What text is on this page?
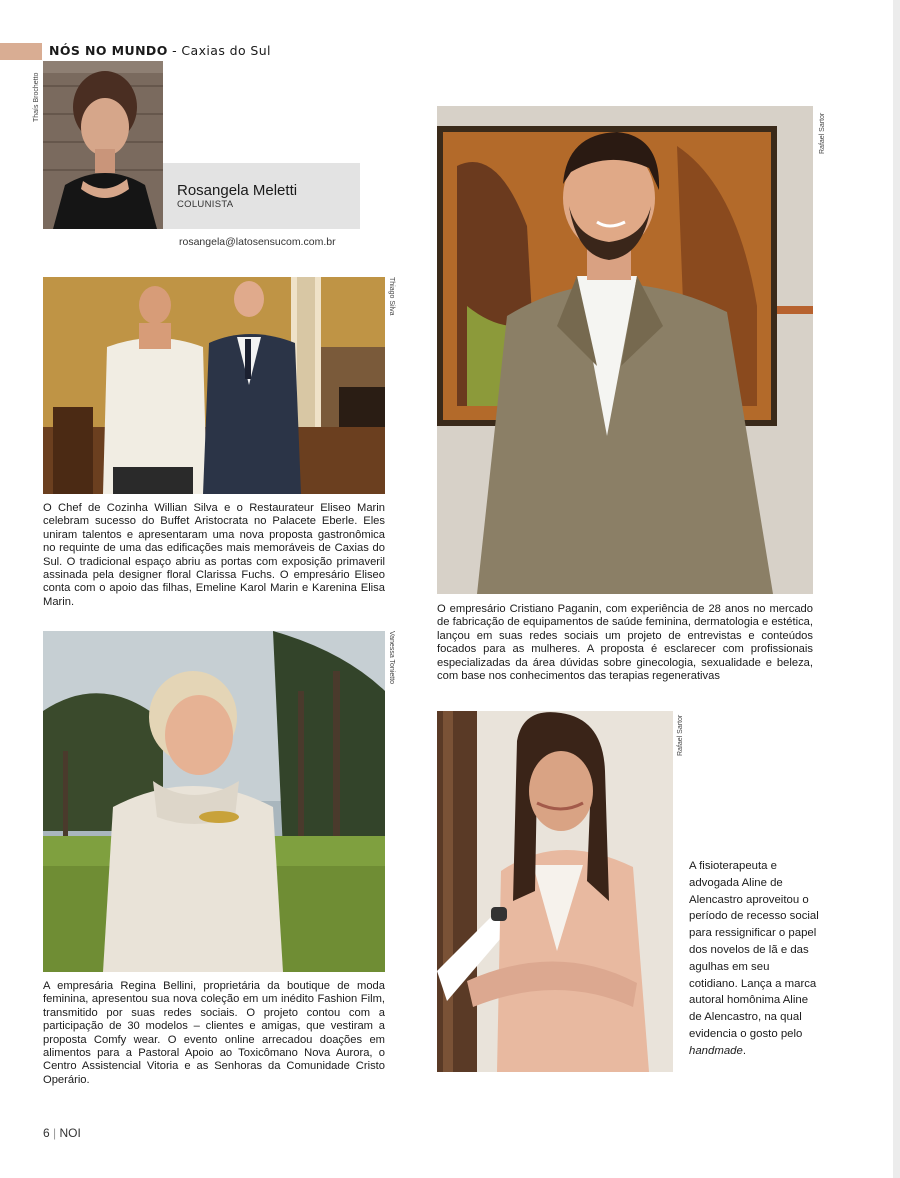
NÓS NO MUNDO - Caxias do Sul
Thaís Brochetto
Rosangela Meletti
COLUNISTA
rosangela@latosensucom.com.br
Thiago Silva

O Chef de Cozinha Willian Silva e o Restaurateur Eliseo Marin celebram sucesso do Buffet Aristocrata no Palacete Eberle. Eles uniram talentos e apresentaram uma nova proposta gastronômica no requinte de uma das edificações mais memoráveis de Caxias do Sul. O tradicional espaço abriu as portas com exposição primaveril assinada pela designer floral Clarissa Fuchs. O empresário Eliseo conta com o apoio das filhas, Emeline Karol Marin e Karenina Elisa Marin.

Vanessa Tonietto

A empresária Regina Bellini, proprietária da boutique de moda feminina, apresentou sua nova coleção em um inédito Fashion Film, transmitido por suas redes sociais. O projeto contou com a participação de 30 modelos – clientes e amigas, que vestiram a proposta Comfy wear. O evento online arrecadou doações em alimentos para a Pastoral Apoio ao Toxicômano Nova Aurora, o Centro Assistencial Vitoria e as Senhoras da Comunidade Cristo Operário.

Rafael Sartor

O empresário Cristiano Paganin, com experiência de 28 anos no mercado de fabricação de equipamentos de saúde feminina, dermatologia e estética, lançou em suas redes sociais um projeto de entrevistas e conteúdos focados para as mulheres. A proposta é esclarecer com profissionais especializadas da área dúvidas sobre ginecologia, sexualidade e beleza, com base nos conhecimentos das terapias regenerativas

Rafael Sartor

A fisioterapeuta e advogada Aline de Alencastro aproveitou o período de recesso social para ressignificar o papel dos novelos de lã e das agulhas em seu cotidiano. Lança a marca autoral homônima Aline de Alencastro, na qual evidencia o gosto pelo handmade.

6 | NOI
